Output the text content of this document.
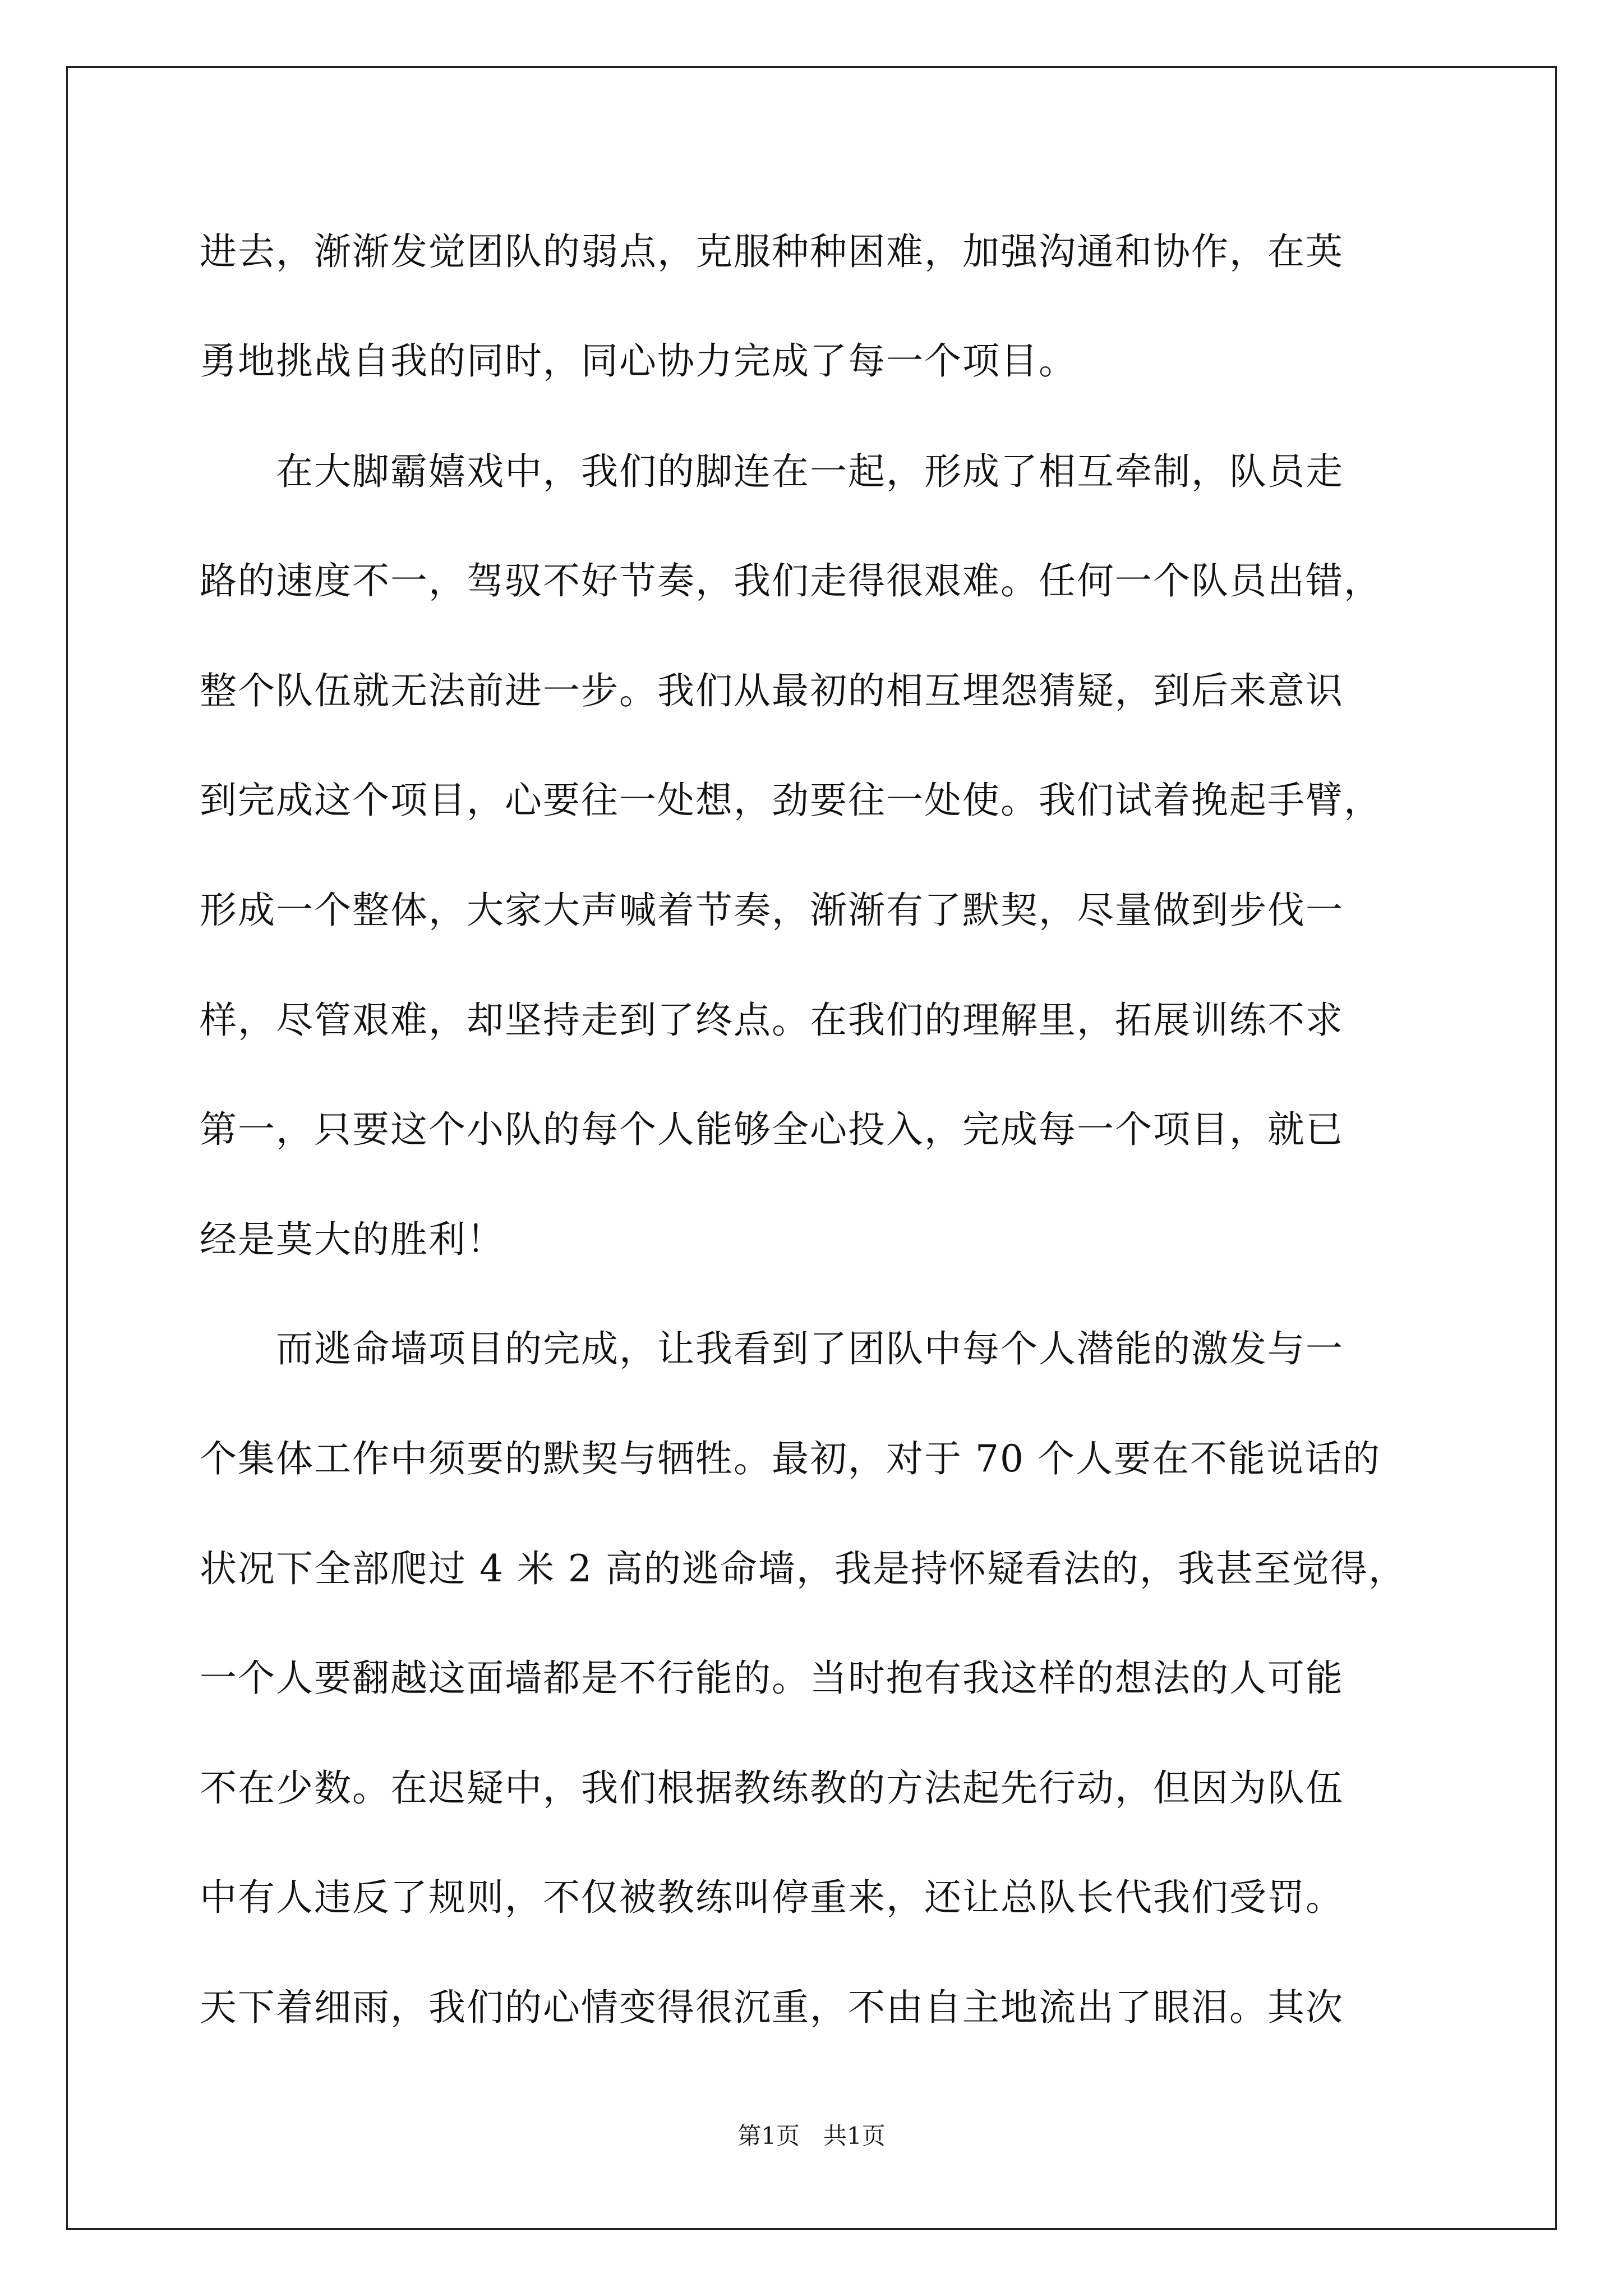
进去，渐渐发觉团队的弱点，克服种种困难，加强沟通和协作，在英
勇地挑战自我的同时，同心协力完成了每一个项目。
　　在大脚霸嬉戏中，我们的脚连在一起，形成了相互牵制，队员走
路的速度不一，驾驭不好节奏，我们走得很艰难。任何一个队员出错，
整个队伍就无法前进一步。我们从最初的相互埋怨猜疑，到后来意识
到完成这个项目，心要往一处想，劲要往一处使。我们试着挽起手臂，
形成一个整体，大家大声喊着节奏，渐渐有了默契，尽量做到步伐一
样，尽管艰难，却坚持走到了终点。在我们的理解里，拓展训练不求
第一，只要这个小队的每个人能够全心投入，完成每一个项目，就已
经是莫大的胜利！
　　而逃命墙项目的完成，让我看到了团队中每个人潜能的激发与一
个集体工作中须要的默契与牺牲。最初，对于 70 个人要在不能说话的
状况下全部爬过 4 米 2 高的逃命墙，我是持怀疑看法的，我甚至觉得，
一个人要翻越这面墙都是不行能的。当时抱有我这样的想法的人可能
不在少数。在迟疑中，我们根据教练教的方法起先行动，但因为队伍
中有人违反了规则，不仅被教练叫停重来，还让总队长代我们受罚。
天下着细雨，我们的心情变得很沉重，不由自主地流出了眼泪。其次
第1页　共1页
